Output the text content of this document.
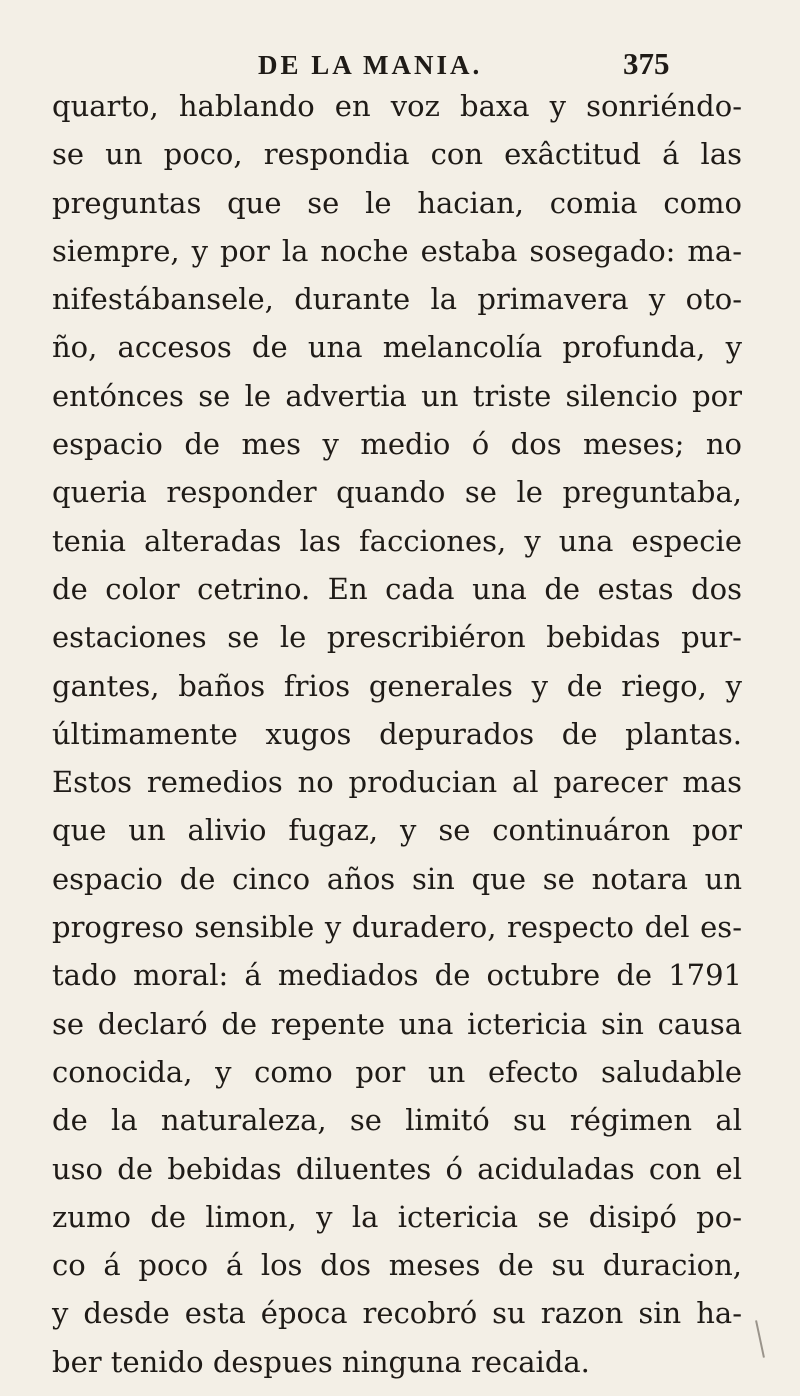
DE LA MANIA.	375
quarto, hablando en voz baxa y sonriéndo-
se un poco, respondia con exâctitud á las
preguntas que se le hacian, comia como
siempre, y por la noche estaba sosegado: ma-
nifestábansele, durante la primavera y oto-
ño, accesos de una melancolía profunda, y
entónces se le advertia un triste silencio por
espacio de mes y medio ó dos meses; no
queria responder quando se le preguntaba,
tenia alteradas las facciones, y una especie
de color cetrino. En cada una de estas dos
estaciones se le prescribiéron bebidas pur-
gantes, baños frios generales y de riego, y
últimamente xugos depurados de plantas.
Estos remedios no producian al parecer mas
que un alivio fugaz, y se continuáron por
espacio de cinco años sin que se notara un
progreso sensible y duradero, respecto del es-
tado moral: á mediados de octubre de 1791
se declaró de repente una ictericia sin causa
conocida, y como por un efecto saludable
de la naturaleza, se limitó su régimen al
uso de bebidas diluentes ó aciduladas con el
zumo de limon, y la ictericia se disipó po-
co á poco á los dos meses de su duracion,
y desde esta época recobró su razon sin ha-
ber tenido despues ninguna recaida.
